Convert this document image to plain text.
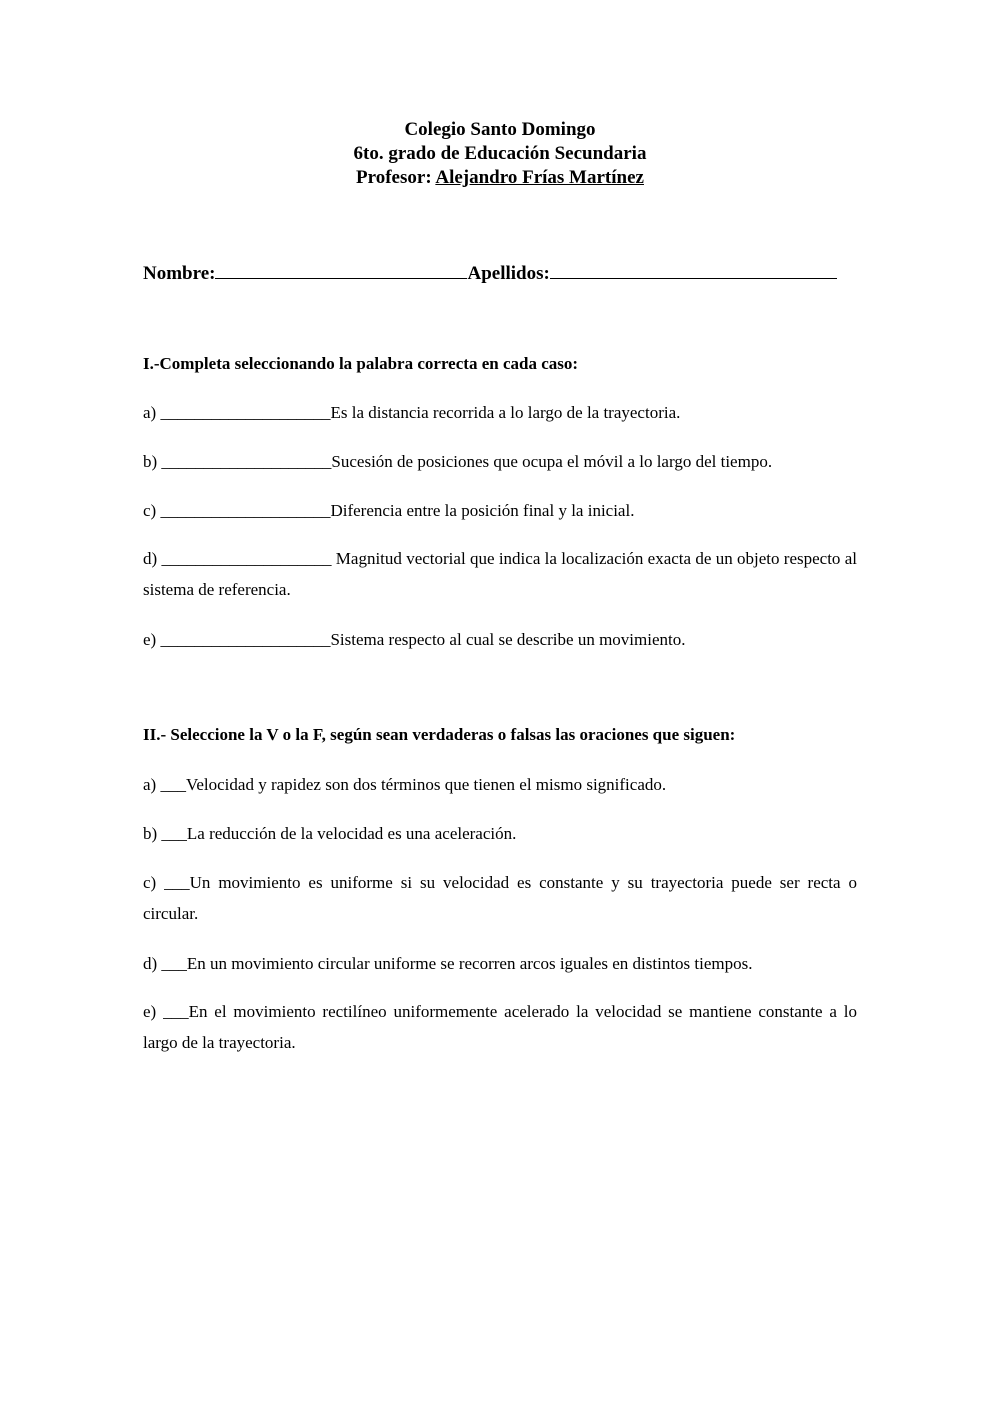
Colegio Santo Domingo
6to. grado de Educación Secundaria
Profesor: Alejandro Frías Martínez
Nombre:	Apellidos:
I.-Completa seleccionando la palabra correcta en cada caso:
a) ____________________Es la distancia recorrida a lo largo de la trayectoria.
b) ____________________Sucesión de posiciones que ocupa el móvil a lo largo del tiempo.
c) ____________________Diferencia entre la posición final y la inicial.
d) ____________________ Magnitud vectorial que indica la localización exacta de un objeto respecto al sistema de referencia.
e) ____________________Sistema respecto al cual se describe un movimiento.
II.- Seleccione la V o la F, según sean verdaderas o falsas las oraciones que siguen:
a) ___Velocidad y rapidez son dos términos que tienen el mismo significado.
b) ___La reducción de la velocidad es una aceleración.
c) ___Un movimiento es uniforme si su velocidad es constante y su trayectoria puede ser recta o circular.
d) ___En un movimiento circular uniforme se recorren arcos iguales en distintos tiempos.
e) ___En el movimiento rectilíneo uniformemente acelerado la velocidad se mantiene constante a lo largo de la trayectoria.
